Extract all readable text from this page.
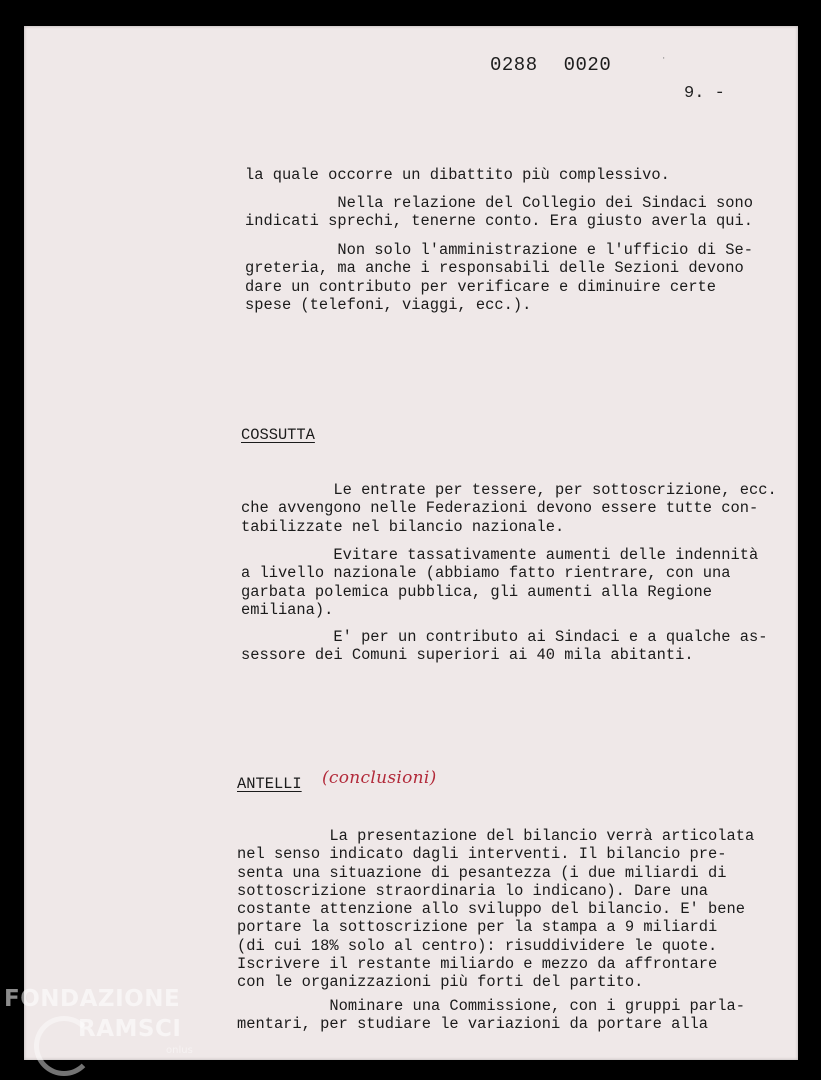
0288 0020	˙
9. -

la quale occorre un dibattito più complessivo.

Nella relazione del Collegio dei Sindaci sono
indicati sprechi, tenerne conto. Era giusto averla qui.

Non solo l'amministrazione e l'ufficio di Se-
greteria, ma anche i responsabili delle Sezioni devono
dare un contributo per verificare e diminuire certe
spese (telefoni, viaggi, ecc.).

COSSUTTA

Le entrate per tessere, per sottoscrizione, ecc.
che avvengono nelle Federazioni devono essere tutte con-
tabilizzate nel bilancio nazionale.

Evitare tassativamente aumenti delle indennità
a livello nazionale (abbiamo fatto rientrare, con una
garbata polemica pubblica, gli aumenti alla Regione
emiliana).

E' per un contributo ai Sindaci e a qualche as-
sessore dei Comuni superiori ai 40 mila abitanti.

ANTELLI (conclusioni)

La presentazione del bilancio verrà articolata
nel senso indicato dagli interventi. Il bilancio pre-
senta una situazione di pesantezza (i due miliardi di
sottoscrizione straordinaria lo indicano). Dare una
costante attenzione allo sviluppo del bilancio. E' bene
portare la sottoscrizione per la stampa a 9 miliardi
(di cui 18% solo al centro): risuddividere le quote.
Iscrivere il restante miliardo e mezzo da affrontare
con le organizzazioni più forti del partito.

Nominare una Commissione, con i gruppi parla-
mentari, per studiare le variazioni da portare alla

FONDAZIONE
RAMSCI
onlus
